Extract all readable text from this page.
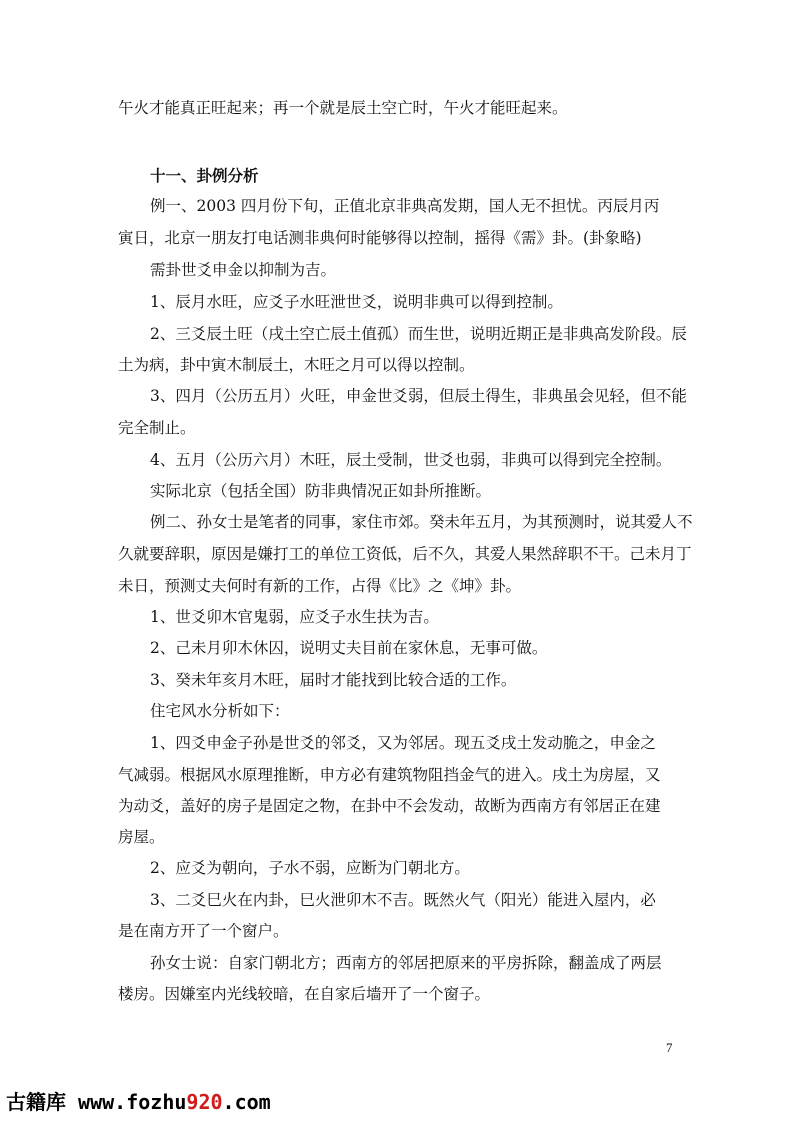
午火才能真正旺起来；再一个就是辰土空亡时，午火才能旺起来。

十一、卦例分析

例一、2003 四月份下旬，正值北京非典高发期，国人无不担忧。丙辰月丙

寅日，北京一朋友打电话测非典何时能够得以控制，摇得《需》卦。(卦象略)

需卦世爻申金以抑制为吉。

1、辰月水旺，应爻子水旺泄世爻，说明非典可以得到控制。

2、三爻辰土旺（戌土空亡辰土值孤）而生世，说明近期正是非典高发阶段。辰

土为病，卦中寅木制辰土，木旺之月可以得以控制。

3、四月（公历五月）火旺，申金世爻弱，但辰土得生，非典虽会见轻，但不能

完全制止。

4、五月（公历六月）木旺，辰土受制，世爻也弱，非典可以得到完全控制。

实际北京（包括全国）防非典情况正如卦所推断。

例二、孙女士是笔者的同事，家住市郊。癸未年五月，为其预测时，说其爱人不

久就要辞职，原因是嫌打工的单位工资低，后不久，其爱人果然辞职不干。己未月丁

未日，预测丈夫何时有新的工作，占得《比》之《坤》卦。

1、世爻卯木官鬼弱，应爻子水生扶为吉。

2、己未月卯木休囚，说明丈夫目前在家休息，无事可做。

3、癸未年亥月木旺，届时才能找到比较合适的工作。

住宅风水分析如下：

1、四爻申金子孙是世爻的邻爻，又为邻居。现五爻戌土发动脆之，申金之

气减弱。根据风水原理推断，申方必有建筑物阻挡金气的进入。戌土为房屋，又

为动爻，盖好的房子是固定之物，在卦中不会发动，故断为西南方有邻居正在建

房屋。

2、应爻为朝向，子水不弱，应断为门朝北方。

3、二爻巳火在内卦，巳火泄卯木不吉。既然火气（阳光）能进入屋内，必

是在南方开了一个窗户。

孙女士说：自家门朝北方；西南方的邻居把原来的平房拆除，翻盖成了两层

楼房。因嫌室内光线较暗，在自家后墙开了一个窗子。

7
古籍库 www.fozhu920.com
